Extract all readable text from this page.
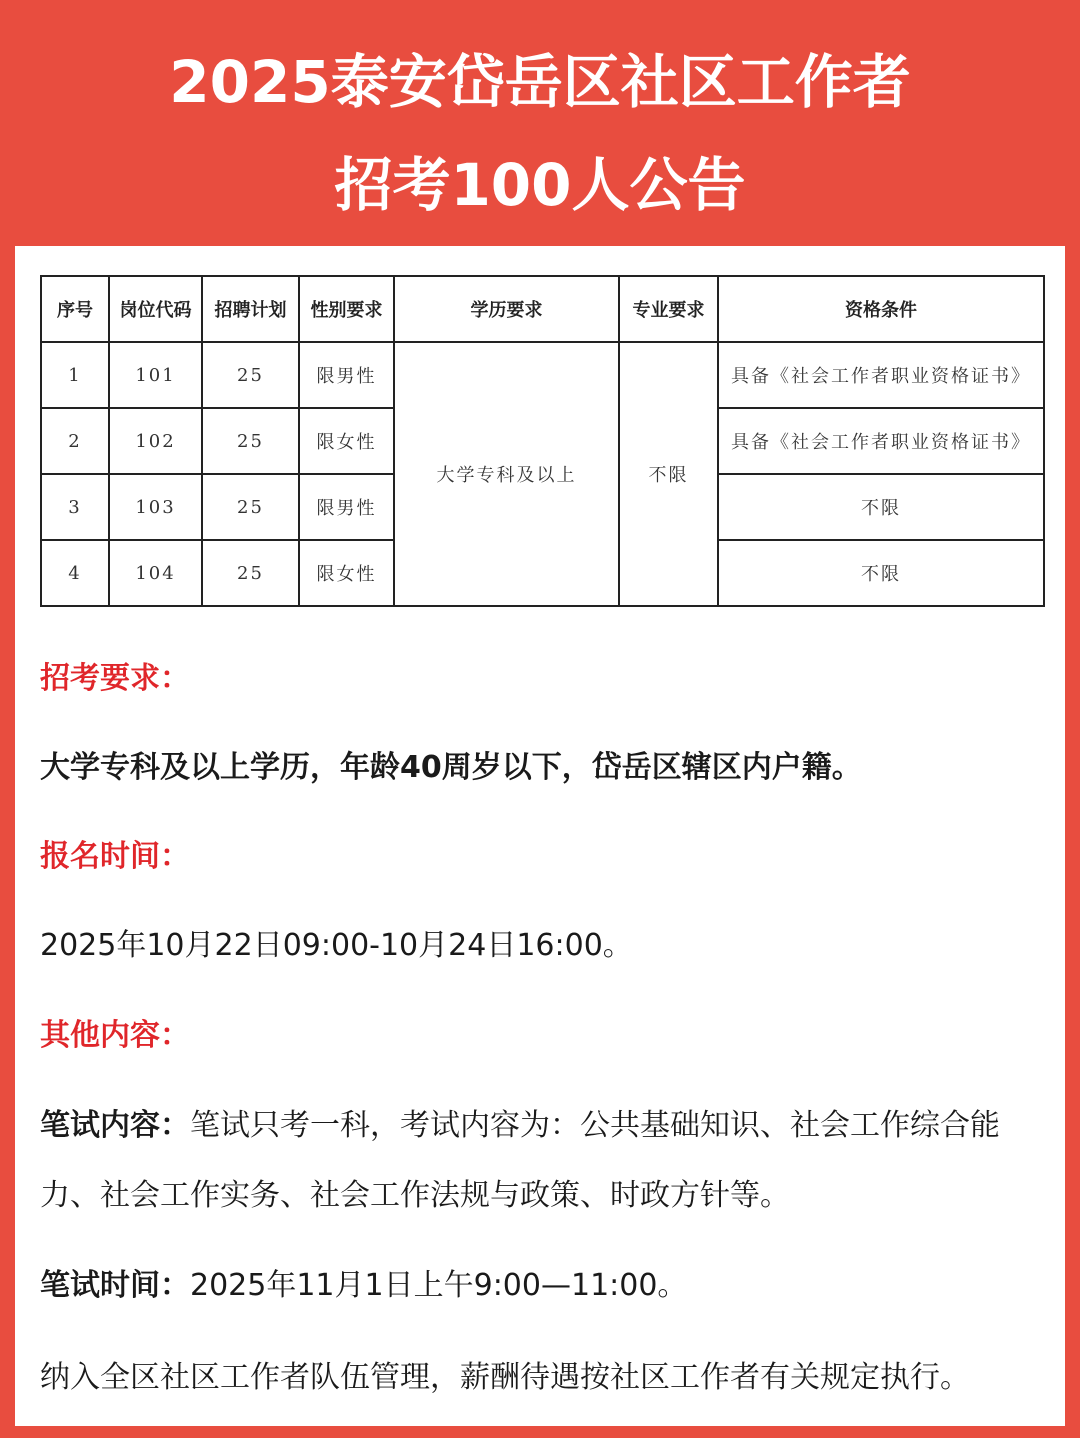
2025泰安岱岳区社区工作者
招考100人公告
序号	岗位代码	招聘计划	性别要求	学历要求	专业要求	资格条件
1	101	25	限男性	大学专科及以上	不限	具备《社会工作者职业资格证书》
2	102	25	限女性			具备《社会工作者职业资格证书》
3	103	25	限男性			不限
4	104	25	限女性			不限
招考要求：
大学专科及以上学历，年龄40周岁以下，岱岳区辖区内户籍。
报名时间：
2025年10月22日09:00-10月24日16:00。
其他内容：
笔试内容：笔试只考一科，考试内容为：公共基础知识、社会工作综合能力、社会工作实务、社会工作法规与政策、时政方针等。
笔试时间：2025年11月1日上午9:00—11:00。
纳入全区社区工作者队伍管理，薪酬待遇按社区工作者有关规定执行。
